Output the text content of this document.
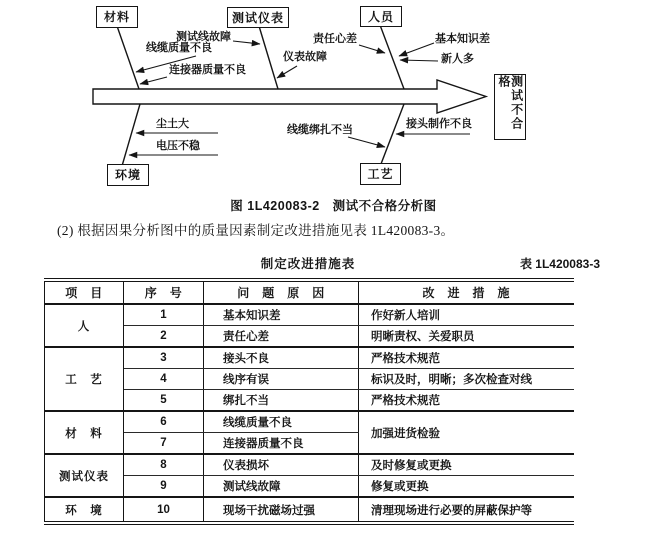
材料	测试仪表	人员
环境	工艺
测试不合格
测试线故障
线缆质量不良
连接器质量不良
责任心差
仪表故障
基本知识差
新人多
尘土大
电压不稳
线缆绑扎不当	接头制作不良
图 1L420083-2　测试不合格分析图
(2) 根据因果分析图中的质量因素制定改进措施见表 1L420083-3。
制定改进措施表	表 1L420083-3
项　目	序　号	问　题　原　因	改　进　措　施
人	1	基本知识差	作好新人培训
	2	责任心差	明晰责权、关爱职员
工　艺	3	接头不良	严格技术规范
	4	线序有误	标识及时，明晰；多次检查对线
	5	绑扎不当	严格技术规范
材　料	6	线缆质量不良	加强进货检验
	7	连接器质量不良	
测试仪表	8	仪表损坏	及时修复或更换
	9	测试线故障	修复或更换
环　境	10	现场干扰磁场过强	清理现场进行必要的屏蔽保护等
